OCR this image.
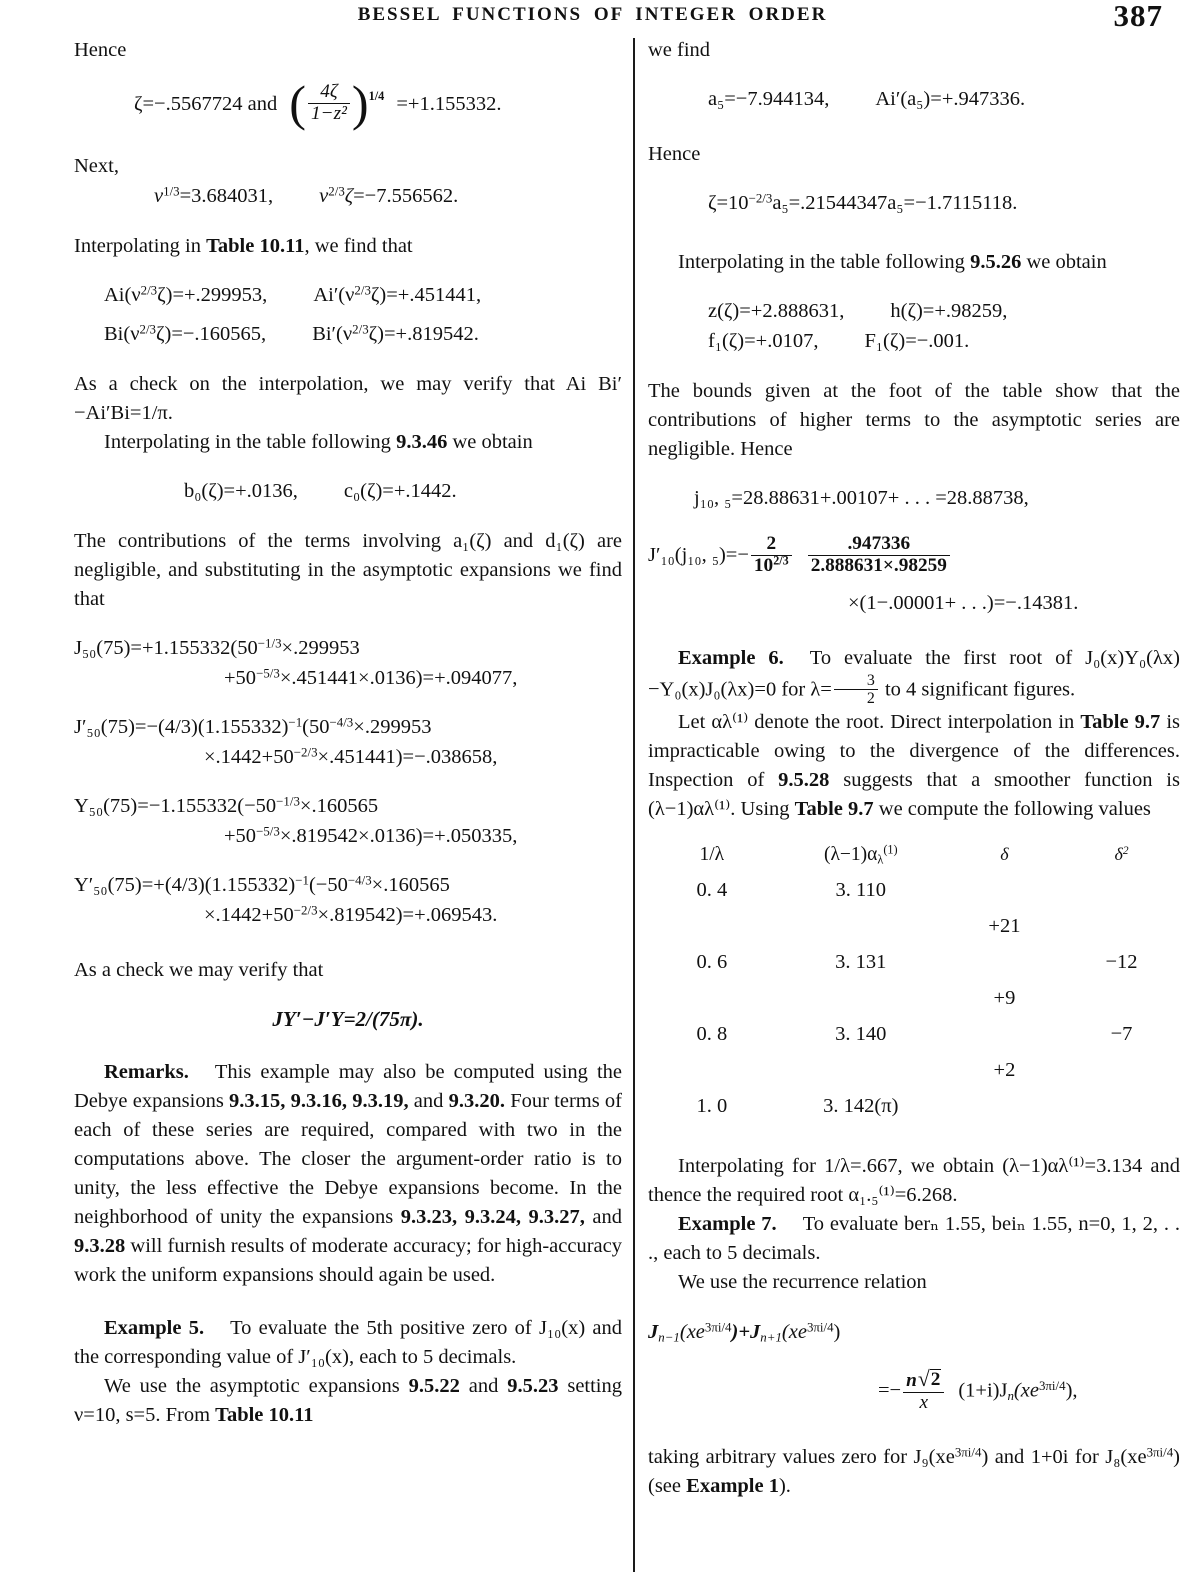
BESSEL FUNCTIONS OF INTEGER ORDER	387

Hence

ζ=−.5567724 and ( $\frac{4\zeta}{\text{1−z²}} )1/4 =+1.155332$.

Next,

$\nu^{1/3}=3.684031$, $\nu^{2/3}\zeta=-7.556562$.

Interpolating in Table 10.11, we find that

$Ai(\nu^{2/3}\zeta)=+.299953$, $Ai'(\nu^{2/3}\zeta)=+.451441$,
$Bi(\nu^{2/3}\zeta)=-.160565$, $Bi'(\nu^{2/3}\zeta)=+.819542$.

As a check on the interpolation, we may verify that Ai Bi′−Ai′Bi=1/π.

Interpolating in the table following 9.3.46 we obtain

b₀(ζ)=+.0136, c₀(ζ)=+.1442.

The contributions of the terms involving a₁(ζ) and d₁(ζ) are negligible, and substituting in the asymptotic expansions we find that

$J_{50}(75)=+1.155332(50^{-1/3}\times.299953$
$+50^{-5/3}\times.451441\times.0136)=+.094077$,
$J'_{50}(75)=-(4/3)(1.155332)^{-1}(50^{-4/3}\times.299953$
$\times.1442+50^{-2/3}\times.451441)=-.038658$,
$Y_{50}(75)=-1.155332(-50^{-1/3}\times.160565$
$+50^{-5/3}\times.819542\times.0136)=+.050335$,
$Y'_{50}(75)=+(4/3)(1.155332)^{-1}(-50^{-4/3}\times.160565$
$\times.1442+50^{-2/3}\times.819542)=+.069543$.

As a check we may verify that

JY′−J′Y=2/(75π).

Remarks. This example may also be computed using the Debye expansions 9.3.15, 9.3.16, 9.3.19, and 9.3.20. Four terms of each of these series are required, compared with two in the computations above. The closer the argument-order ratio is to unity, the less effective the Debye expansions become. In the neighborhood of unity the expansions 9.3.23, 9.3.24, 9.3.27, and 9.3.28 will furnish results of moderate accuracy; for high-accuracy work the uniform expansions should again be used.

Example 5. To evaluate the 5th positive zero of J₁₀(x) and the corresponding value of J′₁₀(x), each to 5 decimals.

We use the asymptotic expansions 9.5.22 and 9.5.23 setting ν=10, s=5. From Table 10.11

we find

a₅=−7.944134, Ai′(a₅)=+.947336.

Hence

$\zeta=10^{-2/3}a_5=.21544347a_5=-1.7115118$.

Interpolating in the table following 9.5.26 we obtain

z(ζ)=+2.888631, h(ζ)=+.98259,
f₁(ζ)=+.0107, F₁(ζ)=−.001.

The bounds given at the foot of the table show that the contributions of higher terms to the asymptotic series are negligible. Hence

j₁₀, ₅=28.88631+.00107+ . . . =28.88738,
J′₁₀(j₁₀, $_5)=- \frac{2}{10^{2/3}} \frac{.947336}{2.888631\times.98259}$
×(1−.00001+ . . .)=−.14381.

Example 6. To evaluate the first root of J₀(x)Y₀(λx)−Y₀(x)J₀(λx)=0 for $\lambda= \frac{3}{2}$ to 4 significant figures.

Let αλ⁽¹⁾ denote the root. Direct interpolation in Table 9.7 is impracticable owing to the divergence of the differences. Inspection of 9.5.28 suggests that a smoother function is (λ−1)αλ⁽¹⁾. Using Table 9.7 we compute the following values

1/λ	$(\lambda-1)\alpha_\lambda^{(1)}$	δ	$\delta^2$
0. 4	3. 110		
		+21	
0. 6	3. 131		−12
		+9	
0. 8	3. 140		−7
		+2	
1. 0	3. 142(π)		

Interpolating for 1/λ=.667, we obtain (λ−1)αλ⁽¹⁾=3.134 and thence the required root α₁.₅⁽¹⁾=6.268.

Example 7. To evaluate berₙ 1.55, beiₙ 1.55, n=0, 1, 2, . . ., each to 5 decimals.

We use the recurrence relation

$J_{n-1}(xe^{3\pi i/4})+J_{n+1}(xe^{3\pi i/4})$
=− $\frac{n√2}{x} (1+i)J_n(xe^{3\pi i/4})$,

taking arbitrary values zero for $J_9(xe^{3\pi i/4})$ and 1+0i for $J_8(xe^{3\pi i/4})$ (see Example 1).
